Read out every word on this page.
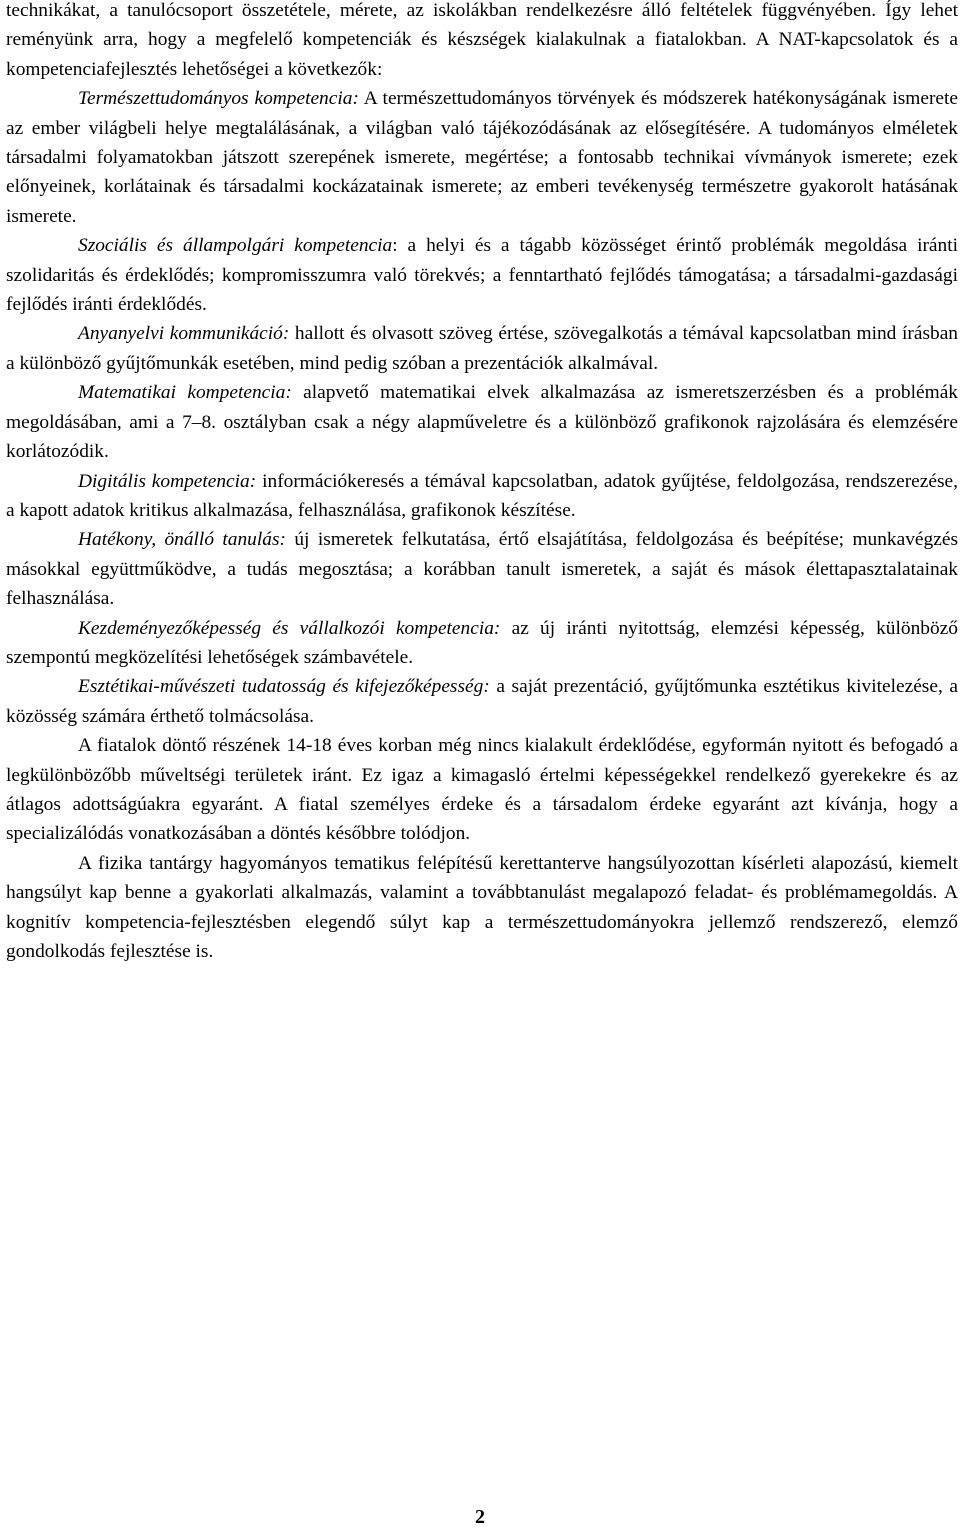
technikákat, a tanulócsoport összetétele, mérete, az iskolákban rendelkezésre álló feltételek függvényében. Így lehet reményünk arra, hogy a megfelelő kompetenciák és készségek kialakulnak a fiatalokban. A NAT-kapcsolatok és a kompetenciafejlesztés lehetőségei a következők:

Természettudományos kompetencia: A természettudományos törvények és módszerek hatékonyságának ismerete az ember világbeli helye megtalálásának, a világban való tájékozódásának az elősegítésére. A tudományos elméletek társadalmi folyamatokban játszott szerepének ismerete, megértése; a fontosabb technikai vívmányok ismerete; ezek előnyeinek, korlátainak és társadalmi kockázatainak ismerete; az emberi tevékenység természetre gyakorolt hatásának ismerete.

Szociális és állampolgári kompetencia: a helyi és a tágabb közösséget érintő problémák megoldása iránti szolidaritás és érdeklődés; kompromisszumra való törekvés; a fenntartható fejlődés támogatása; a társadalmi-gazdasági fejlődés iránti érdeklődés.

Anyanyelvi kommunikáció: hallott és olvasott szöveg értése, szövegalkotás a témával kapcsolatban mind írásban a különböző gyűjtőmunkák esetében, mind pedig szóban a prezentációk alkalmával.

Matematikai kompetencia: alapvető matematikai elvek alkalmazása az ismeretszerzésben és a problémák megoldásában, ami a 7–8. osztályban csak a négy alapműveletre és a különböző grafikonok rajzolására és elemzésére korlátozódik.

Digitális kompetencia: információkeresés a témával kapcsolatban, adatok gyűjtése, feldolgozása, rendszerezése, a kapott adatok kritikus alkalmazása, felhasználása, grafikonok készítése.

Hatékony, önálló tanulás: új ismeretek felkutatása, értő elsajátítása, feldolgozása és beépítése; munkavégzés másokkal együttműködve, a tudás megosztása; a korábban tanult ismeretek, a saját és mások élettapasztalatainak felhasználása.

Kezdeményezőképesség és vállalkozói kompetencia: az új iránti nyitottság, elemzési képesség, különböző szempontú megközelítési lehetőségek számbavétele.

Esztétikai-művészeti tudatosság és kifejezőképesség: a saját prezentáció, gyűjtőmunka esztétikus kivitelezése, a közösség számára érthető tolmácsolása.

A fiatalok döntő részének 14-18 éves korban még nincs kialakult érdeklődése, egyformán nyitott és befogadó a legkülönbözőbb műveltségi területek iránt. Ez igaz a kimagasló értelmi képességekkel rendelkező gyerekekre és az átlagos adottságúakra egyaránt. A fiatal személyes érdeke és a társadalom érdeke egyaránt azt kívánja, hogy a specializálódás vonatkozásában a döntés későbbre tolódjon.

A fizika tantárgy hagyományos tematikus felépítésű kerettanterve hangsúlyozottan kísérleti alapozású, kiemelt hangsúlyt kap benne a gyakorlati alkalmazás, valamint a továbbtanulást megalapozó feladat- és problémamegoldás. A kognitív kompetencia-fejlesztésben elegendő súlyt kap a természettudományokra jellemző rendszerező, elemző gondolkodás fejlesztése is.

2
